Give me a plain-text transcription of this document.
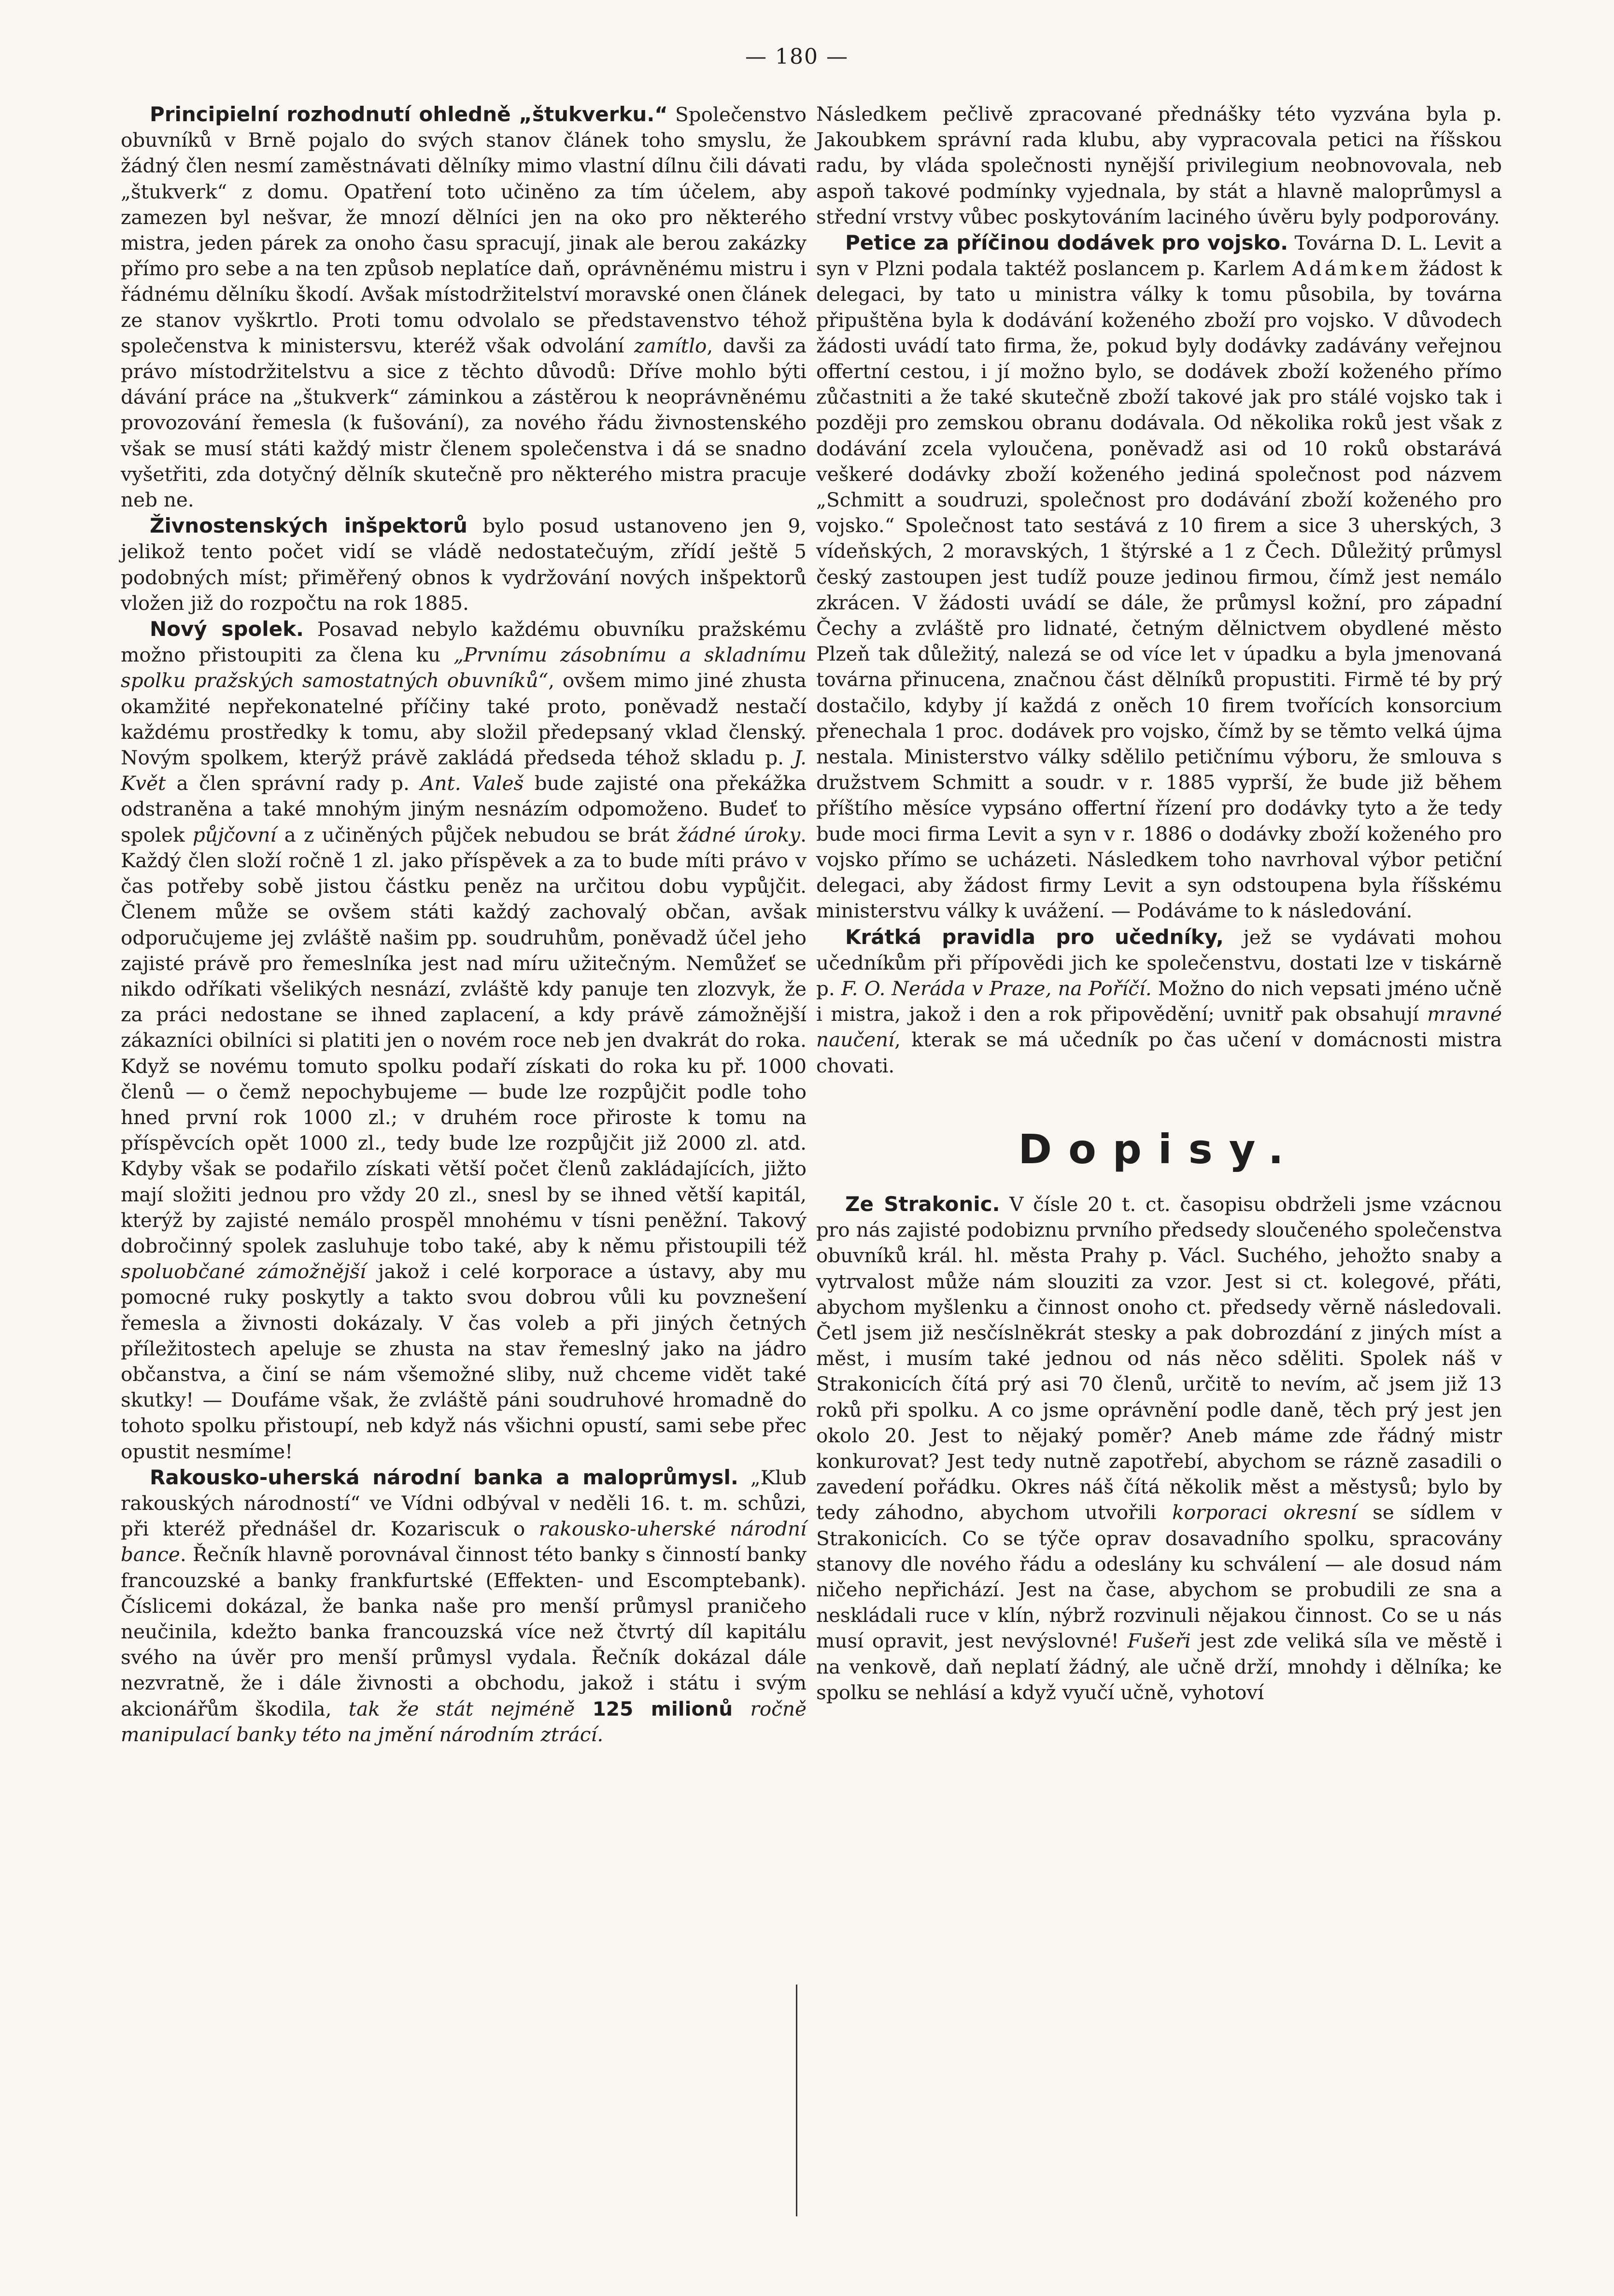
— 180 —

Principielní rozhodnutí ohledně „štukverku.“ Společenstvo obuvníků v Brně pojalo do svých stanov článek toho smyslu, že žádný člen nesmí zaměstnávati dělníky mimo vlastní dílnu čili dávati „štukverk“ z domu. Opatření toto učiněno za tím účelem, aby zamezen byl nešvar, že mnozí dělníci jen na oko pro některého mistra, jeden párek za onoho času spracují, jinak ale berou zakázky přímo pro sebe a na ten způsob neplatíce daň, oprávněnému mistru i řádnému dělníku škodí. Avšak místodržitelství moravské onen článek ze stanov vyškrtlo. Proti tomu odvolalo se představenstvo téhož společenstva k ministersvu, kteréž však odvolání zamítlo, davši za právo místodržitelstvu a sice z těchto důvodů: Dříve mohlo býti dávání práce na „štukverk“ záminkou a zástěrou k neoprávněnému provozování řemesla (k fušování), za nového řádu živnostenského však se musí státi každý mistr členem společenstva i dá se snadno vyšetřiti, zda dotyčný dělník skutečně pro některého mistra pracuje neb ne.

Živnostenských inšpektorů bylo posud ustanoveno jen 9, jelikož tento počet vidí se vládě nedostatečuým, zřídí ještě 5 podobných míst; přiměřený obnos k vydržování nových inšpektorů vložen již do rozpočtu na rok 1885.

Nový spolek. Posavad nebylo každému obuvníku pražskému možno přistoupiti za člena ku „Prvnímu zásobnímu a skladnímu spolku pražských samostatných obuvníků“, ovšem mimo jiné zhusta okamžité nepřekonatelné příčiny také proto, poněvadž nestačí každému prostředky k tomu, aby složil předepsaný vklad členský. Novým spolkem, kterýž právě zakládá předseda téhož skladu p. J. Květ a člen správní rady p. Ant. Valeš bude zajisté ona překážka odstraněna a také mnohým jiným nesnázím odpomoženo. Budeť to spolek půjčovní a z učiněných půjček nebudou se brát žádné úroky. Každý člen složí ročně 1 zl. jako příspěvek a za to bude míti právo v čas potřeby sobě jistou částku peněz na určitou dobu vypůjčit. Členem může se ovšem státi každý zachovalý občan, avšak odporučujeme jej zvláště našim pp. soudruhům, poněvadž účel jeho zajisté právě pro řemeslníka jest nad míru užitečným. Nemůžeť se nikdo odříkati všelikých nesnází, zvláště kdy panuje ten zlozvyk, že za práci nedostane se ihned zaplacení, a kdy právě zámožnější zákazníci obilníci si platiti jen o novém roce neb jen dvakrát do roka. Když se novému tomuto spolku podaří získati do roka ku př. 1000 členů — o čemž nepochybujeme — bude lze rozpůjčit podle toho hned první rok 1000 zl.; v druhém roce přiroste k tomu na příspěvcích opět 1000 zl., tedy bude lze rozpůjčit již 2000 zl. atd. Kdyby však se podařilo získati větší počet členů zakládajících, jižto mají složiti jednou pro vždy 20 zl., snesl by se ihned větší kapitál, kterýž by zajisté nemálo prospěl mnohému v tísni peněžní. Takový dobročinný spolek zasluhuje tobo také, aby k němu přistoupili též spoluobčané zámožnější jakož i celé korporace a ústavy, aby mu pomocné ruky poskytly a takto svou dobrou vůli ku povznešení řemesla a živnosti dokázaly. V čas voleb a při jiných četných příležitostech apeluje se zhusta na stav řemeslný jako na jádro občanstva, a činí se nám všemožné sliby, nuž chceme vidět také skutky! — Doufáme však, že zvláště páni soudruhové hromadně do tohoto spolku přistoupí, neb když nás všichni opustí, sami sebe přec opustit nesmíme!

Rakousko-uherská národní banka a maloprůmysl. „Klub rakouských národností“ ve Vídni odbýval v neděli 16. t. m. schůzi, při kteréž přednášel dr. Kozariscuk o rakousko-uherské národní bance. Řečník hlavně porovnával činnost této banky s činností banky francouzské a banky frankfurtské (Effekten- und Escomptebank). Číslicemi dokázal, že banka naše pro menší průmysl praničeho neučinila, kdežto banka francouzská více než čtvrtý díl kapitálu svého na úvěr pro menší průmysl vydala. Řečník dokázal dále nezvratně, že i dále živnosti a obchodu, jakož i státu i svým akcionářům škodila, tak že stát nejméně 125 milionů ročně manipulací banky této na jmění národním ztrácí.

Následkem pečlivě zpracované přednášky této vyzvána byla p. Jakoubkem správní rada klubu, aby vypracovala petici na říšskou radu, by vláda společnosti nynější privilegium neobnovovala, neb aspoň takové podmínky vyjednala, by stát a hlavně maloprůmysl a střední vrstvy vůbec poskytováním laciného úvěru byly podporovány.

Petice za příčinou dodávek pro vojsko. Továrna D. L. Levit a syn v Plzni podala taktéž poslancem p. Karlem Adámkem žádost k delegaci, by tato u ministra války k tomu působila, by továrna připuštěna byla k dodávání koženého zboží pro vojsko. V důvodech žádosti uvádí tato firma, že, pokud byly dodávky zadávány veřejnou offertní cestou, i jí možno bylo, se dodávek zboží koženého přímo zůčastniti a že také skutečně zboží takové jak pro stálé vojsko tak i později pro zemskou obranu dodávala. Od několika roků jest však z dodávání zcela vyloučena, poněvadž asi od 10 roků obstarává veškeré dodávky zboží koženého jediná společnost pod názvem „Schmitt a soudruzi, společnost pro dodávání zboží koženého pro vojsko.“ Společnost tato sestává z 10 firem a sice 3 uherských, 3 vídeňských, 2 moravských, 1 štýrské a 1 z Čech. Důležitý průmysl český zastoupen jest tudíž pouze jedinou firmou, čímž jest nemálo zkrácen. V žádosti uvádí se dále, že průmysl kožní, pro západní Čechy a zvláště pro lidnaté, četným dělnictvem obydlené město Plzeň tak důležitý, nalezá se od více let v úpadku a byla jmenovaná továrna přinucena, značnou část dělníků propustiti. Firmě té by prý dostačilo, kdyby jí každá z oněch 10 firem tvořících konsorcium přenechala 1 proc. dodávek pro vojsko, čímž by se těmto velká újma nestala. Ministerstvo války sdělilo petičnímu výboru, že smlouva s družstvem Schmitt a soudr. v r. 1885 vyprší, že bude již během příštího měsíce vypsáno offertní řízení pro dodávky tyto a že tedy bude moci firma Levit a syn v r. 1886 o dodávky zboží koženého pro vojsko přímo se ucházeti. Následkem toho navrhoval výbor petiční delegaci, aby žádost firmy Levit a syn odstoupena byla říšskému ministerstvu války k uvážení. — Podáváme to k následování.

Krátká pravidla pro učedníky, jež se vydávati mohou učedníkům při přípovědi jich ke společenstvu, dostati lze v tiskárně p. F. O. Neráda v Praze, na Poříčí. Možno do nich vepsati jméno učně i mistra, jakož i den a rok připovědění; uvnitř pak obsahují mravné naučení, kterak se má učedník po čas učení v domácnosti mistra chovati.

Dopisy.

Ze Strakonic. V čísle 20 t. ct. časopisu obdrželi jsme vzácnou pro nás zajisté podobiznu prvního předsedy sloučeného společenstva obuvníků král. hl. města Prahy p. Václ. Suchého, jehožto snaby a vytrvalost může nám slouziti za vzor. Jest si ct. kolegové, přáti, abychom myšlenku a činnost onoho ct. předsedy věrně následovali. Četl jsem již nesčíslněkrát stesky a pak dobrozdání z jiných míst a měst, i musím také jednou od nás něco sděliti. Spolek náš v Strakonicích čítá prý asi 70 členů, určitě to nevím, ač jsem již 13 roků při spolku. A co jsme oprávnění podle daně, těch prý jest jen okolo 20. Jest to nějaký poměr? Aneb máme zde řádný mistr konkurovat? Jest tedy nutně zapotřebí, abychom se rázně zasadili o zavedení pořádku. Okres náš čítá několik měst a městysů; bylo by tedy záhodno, abychom utvořili korporaci okresní se sídlem v Strakonicích. Co se týče oprav dosavadního spolku, spracovány stanovy dle nového řádu a odeslány ku schválení — ale dosud nám ničeho nepřichází. Jest na čase, abychom se probudili ze sna a neskládali ruce v klín, nýbrž rozvinuli nějakou činnost. Co se u nás musí opravit, jest nevýslovné! Fušeři jest zde veliká síla ve městě i na venkově, daň neplatí žádný, ale učně drží, mnohdy i dělníka; ke spolku se nehlásí a když vyučí učně, vyhotoví
